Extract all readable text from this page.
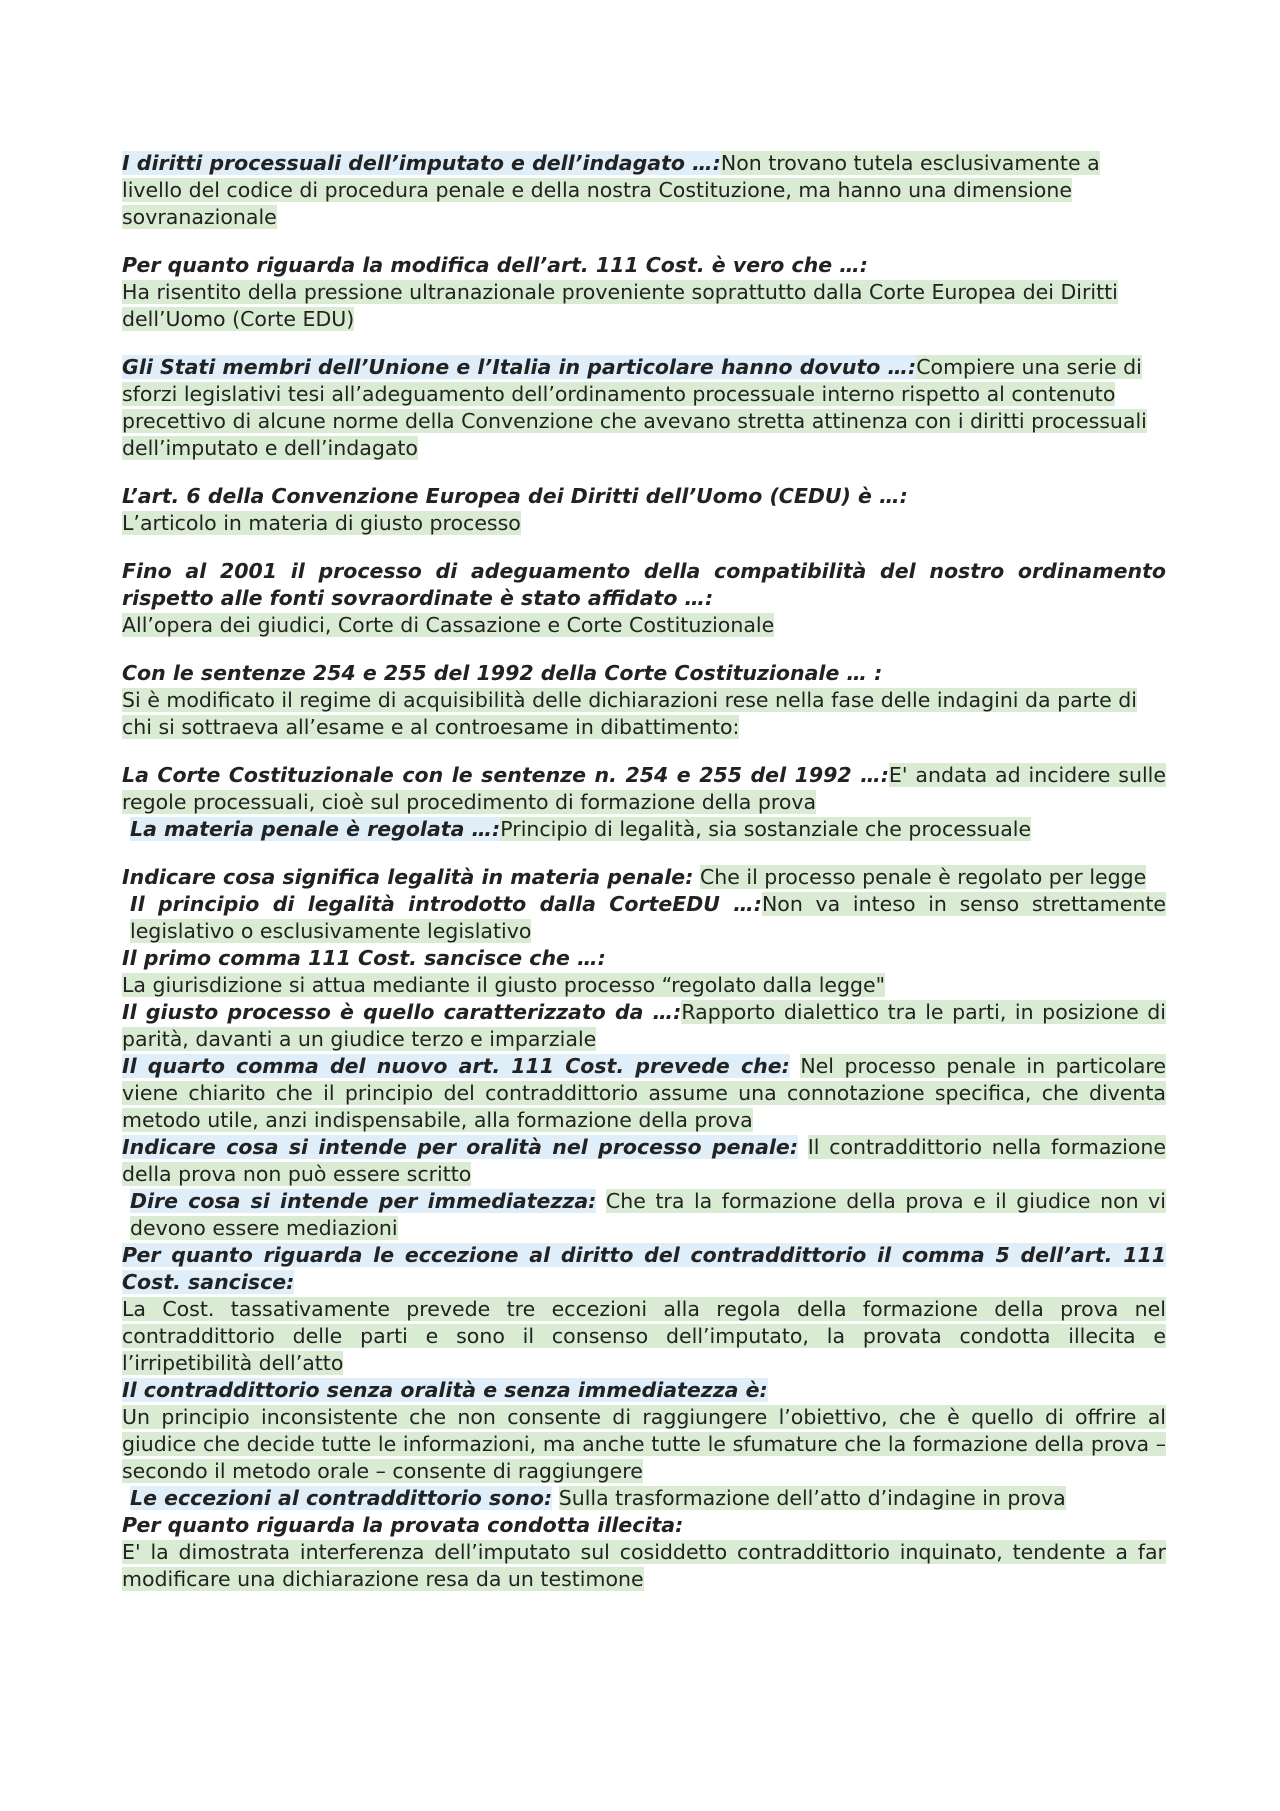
I diritti processuali dell’imputato e dell’indagato …:Non trovano tutela esclusivamente a livello del codice di procedura penale e della nostra Costituzione, ma hanno una dimensione sovranazionale

Per quanto riguarda la modifica dell’art. 111 Cost. è vero che …:
Ha risentito della pressione ultranazionale proveniente soprattutto dalla Corte Europea dei Diritti dell’Uomo (Corte EDU)

Gli Stati membri dell’Unione e l’Italia in particolare hanno dovuto …:Compiere una serie di sforzi legislativi tesi all’adeguamento dell’ordinamento processuale interno rispetto al contenuto precettivo di alcune norme della Convenzione che avevano stretta attinenza con i diritti processuali dell’imputato e dell’indagato

L’art. 6 della Convenzione Europea dei Diritti dell’Uomo (CEDU) è …:
L’articolo in materia di giusto processo

Fino al 2001 il processo di adeguamento della compatibilità del nostro ordinamento rispetto alle fonti sovraordinate è stato affidato …:
All’opera dei giudici, Corte di Cassazione e Corte Costituzionale

Con le sentenze 254 e 255 del 1992 della Corte Costituzionale … :
Si è modificato il regime di acquisibilità delle dichiarazioni rese nella fase delle indagini da parte di chi si sottraeva all’esame e al controesame in dibattimento:

La Corte Costituzionale con le sentenze n. 254 e 255 del 1992 …:E' andata ad incidere sulle regole processuali, cioè sul procedimento di formazione della prova

La materia penale è regolata …:Principio di legalità, sia sostanziale che processuale

Indicare cosa significa legalità in materia penale: Che il processo penale è regolato per legge

Il principio di legalità introdotto dalla CorteEDU …:Non va inteso in senso strettamente legislativo o esclusivamente legislativo

Il primo comma 111 Cost. sancisce che …:
La giurisdizione si attua mediante il giusto processo “regolato dalla legge"

Il giusto processo è quello caratterizzato da …:Rapporto dialettico tra le parti, in posizione di parità, davanti a un giudice terzo e imparziale

Il quarto comma del nuovo art. 111 Cost. prevede che: Nel processo penale in particolare viene chiarito che il principio del contraddittorio assume una connotazione specifica, che diventa metodo utile, anzi indispensabile, alla formazione della prova

Indicare cosa si intende per oralità nel processo penale: Il contraddittorio nella formazione della prova non può essere scritto

Dire cosa si intende per immediatezza: Che tra la formazione della prova e il giudice non vi devono essere mediazioni

Per quanto riguarda le eccezione al diritto del contraddittorio il comma 5 dell’art. 111 Cost. sancisce:
La Cost. tassativamente prevede tre eccezioni alla regola della formazione della prova nel contraddittorio delle parti e sono il consenso dell’imputato, la provata condotta illecita e l’irripetibilità dell’atto

Il contraddittorio senza oralità e senza immediatezza è:
Un principio inconsistente che non consente di raggiungere l’obiettivo, che è quello di offrire al giudice che decide tutte le informazioni, ma anche tutte le sfumature che la formazione della prova – secondo il metodo orale – consente di raggiungere

Le eccezioni al contraddittorio sono: Sulla trasformazione dell’atto d’indagine in prova

Per quanto riguarda la provata condotta illecita:
E' la dimostrata interferenza dell’imputato sul cosiddetto contraddittorio inquinato, tendente a far modificare una dichiarazione resa da un testimone
